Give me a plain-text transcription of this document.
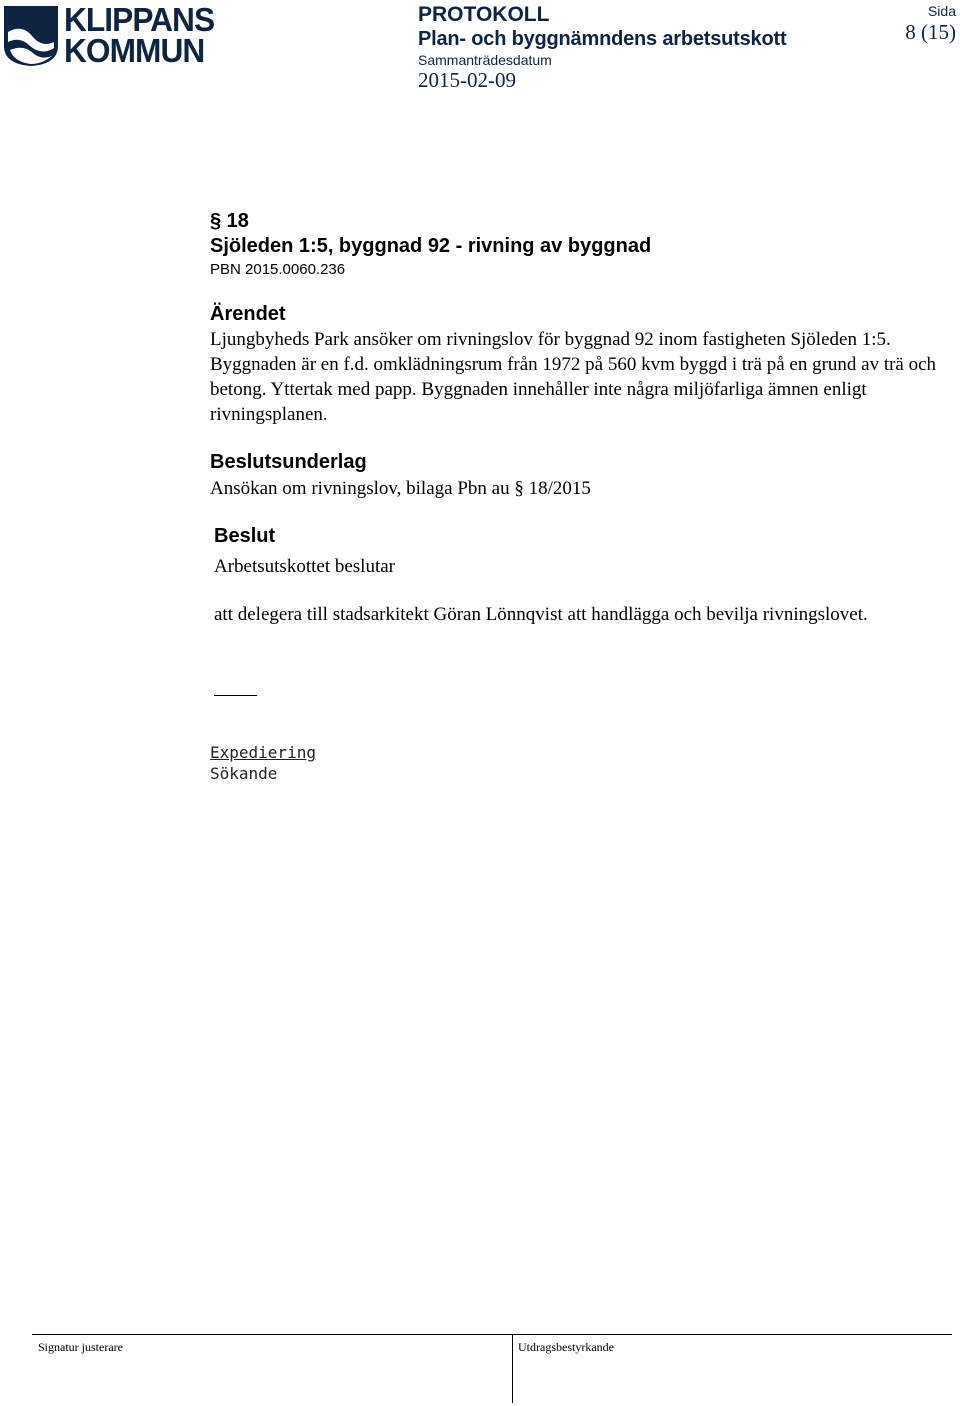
KLIPPANS
KOMMUN
PROTOKOLL
Plan- och byggnämndens arbetsutskott
Sammanträdesdatum
2015-02-09
Sida
8 (15)
§ 18
Sjöleden 1:5, byggnad 92 - rivning av byggnad
PBN 2015.0060.236
Ärendet
Ljungbyheds Park ansöker om rivningslov för byggnad 92 inom fastigheten Sjöleden 1:5. Byggnaden är en f.d. omklädningsrum från 1972 på 560 kvm byggd i trä på en grund av trä och betong. Yttertak med papp. Byggnaden innehåller inte några miljöfarliga ämnen enligt rivningsplanen.
Beslutsunderlag
Ansökan om rivningslov, bilaga Pbn au § 18/2015
Beslut
Arbetsutskottet beslutar
att delegera till stadsarkitekt Göran Lönnqvist att handlägga och bevilja rivningslovet.
Expediering
Sökande
Signatur justerare	Utdragsbestyrkande
